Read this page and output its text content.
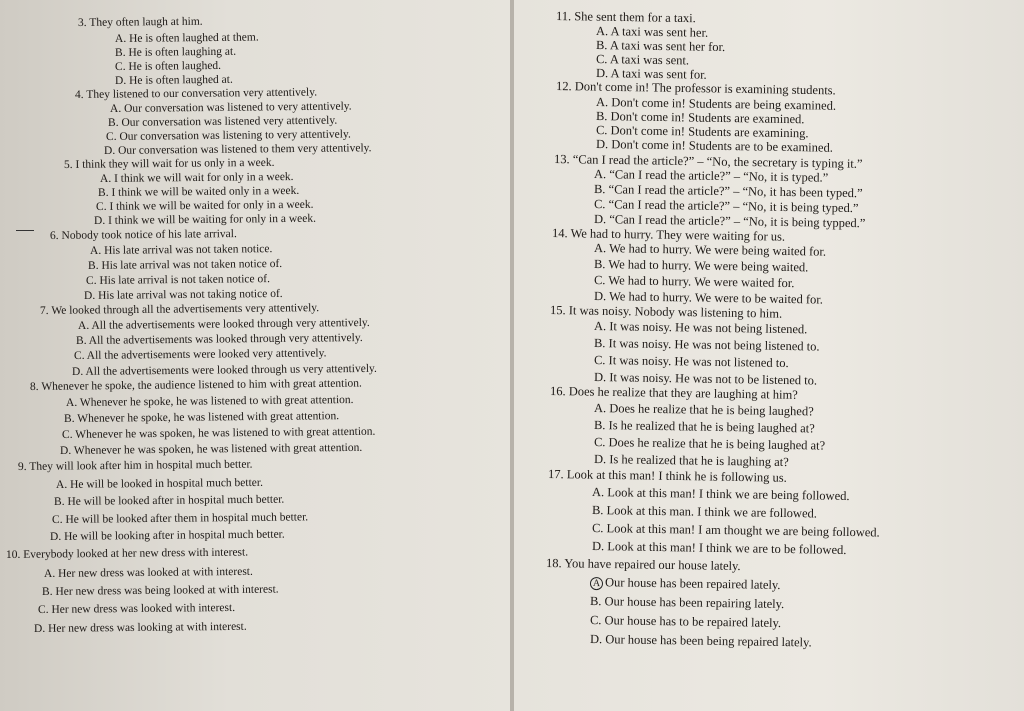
3. They often laugh at him.
A. He is often laughed at them.
B. He is often laughing at.
C. He is often laughed.
D. He is often laughed at.
4. They listened to our conversation very attentively.
A. Our conversation was listened to very attentively.
B. Our conversation was listened very attentively.
C. Our conversation was listening to very attentively.
D. Our conversation was listened to them very attentively.
5. I think they will wait for us only in a week.
A. I think we will wait for only in a week.
B. I think we will be waited only in a week.
C. I think we will be waited for only in a week.
D. I think we will be waiting for only in a week.
6. Nobody took notice of his late arrival.
A. His late arrival was not taken notice.
B. His late arrival was not taken notice of.
C. His late arrival is not taken notice of.
D. His late arrival was not taking notice of.
7. We looked through all the advertisements very attentively.
A. All the advertisements were looked through very attentively.
B. All the advertisements was looked through very attentively.
C. All the advertisements were looked very attentively.
D. All the advertisements were looked through us very attentively.
8. Whenever he spoke, the audience listened to him with great attention.
A. Whenever he spoke, he was listened to with great attention.
B. Whenever he spoke, he was listened with great attention.
C. Whenever he was spoken, he was listened to with great attention.
D. Whenever he was spoken, he was listened with great attention.
9. They will look after him in hospital much better.
A. He will be looked in hospital much better.
B. He will be looked after in hospital much better.
C. He will be looked after them in hospital much better.
D. He will be looking after in hospital much better.
10. Everybody looked at her new dress with interest.
A. Her new dress was looked at with interest.
B. Her new dress was being looked at with interest.
C. Her new dress was looked with interest.
D. Her new dress was looking at with interest.
11. She sent them for a taxi.
A. A taxi was sent her.
B. A taxi was sent her for.
C. A taxi was sent.
D. A taxi was sent for.
12. Don't come in! The professor is examining students.
A. Don't come in! Students are being examined.
B. Don't come in! Students are examined.
C. Don't come in! Students are examining.
D. Don't come in! Students are to be examined.
13. “Can I read the article?” – “No, the secretary is typing it.”
A. “Can I read the article?” – “No, it is typed.”
B. “Can I read the article?” – “No, it has been typed.”
C. “Can I read the article?” – “No, it is being typed.”
D. “Can I read the article?” – “No, it is being typped.”
14. We had to hurry. They were waiting for us.
A. We had to hurry. We were being waited for.
B. We had to hurry. We were being waited.
C. We had to hurry. We were waited for.
D. We had to hurry. We were to be waited for.
15. It was noisy. Nobody was listening to him.
A. It was noisy. He was not being listened.
B. It was noisy. He was not being listened to.
C. It was noisy. He was not listened to.
D. It was noisy. He was not to be listened to.
16. Does he realize that they are laughing at him?
A. Does he realize that he is being laughed?
B. Is he realized that he is being laughed at?
C. Does he realize that he is being laughed at?
D. Is he realized that he is laughing at?
17. Look at this man! I think he is following us.
A. Look at this man! I think we are being followed.
B. Look at this man. I think we are followed.
C. Look at this man! I am thought we are being followed.
D. Look at this man! I think we are to be followed.
18. You have repaired our house lately.
A Our house has been repaired lately.
B. Our house has been repairing lately.
C. Our house has to be repaired lately.
D. Our house has been being repaired lately.
